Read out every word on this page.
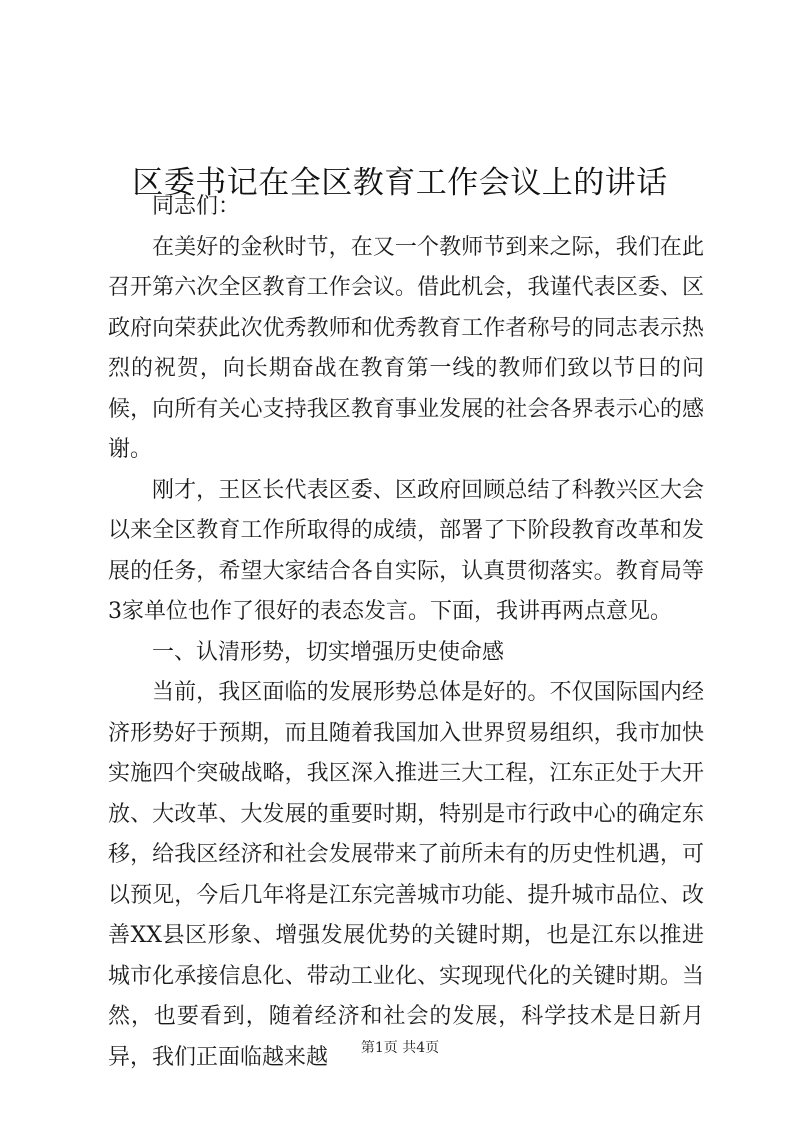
区委书记在全区教育工作会议上的讲话

同志们：

在美好的金秋时节，在又一个教师节到来之际，我们在此召开第六次全区教育工作会议。借此机会，我谨代表区委、区政府向荣获此次优秀教师和优秀教育工作者称号的同志表示热烈的祝贺，向长期奋战在教育第一线的教师们致以节日的问候，向所有关心支持我区教育事业发展的社会各界表示心的感谢。

刚才，王区长代表区委、区政府回顾总结了科教兴区大会以来全区教育工作所取得的成绩，部署了下阶段教育改革和发展的任务，希望大家结合各自实际，认真贯彻落实。教育局等3家单位也作了很好的表态发言。下面，我讲再两点意见。

一、认清形势，切实增强历史使命感

当前，我区面临的发展形势总体是好的。不仅国际国内经济形势好于预期，而且随着我国加入世界贸易组织，我市加快实施四个突破战略，我区深入推进三大工程，江东正处于大开放、大改革、大发展的重要时期，特别是市行政中心的确定东移，给我区经济和社会发展带来了前所未有的历史性机遇，可以预见，今后几年将是江东完善城市功能、提升城市品位、改善XX县区形象、增强发展优势的关键时期，也是江东以推进城市化承接信息化、带动工业化、实现现代化的关键时期。当然，也要看到，随着经济和社会的发展，科学技术是日新月异，我们正面临越来越	第1页 共4页
